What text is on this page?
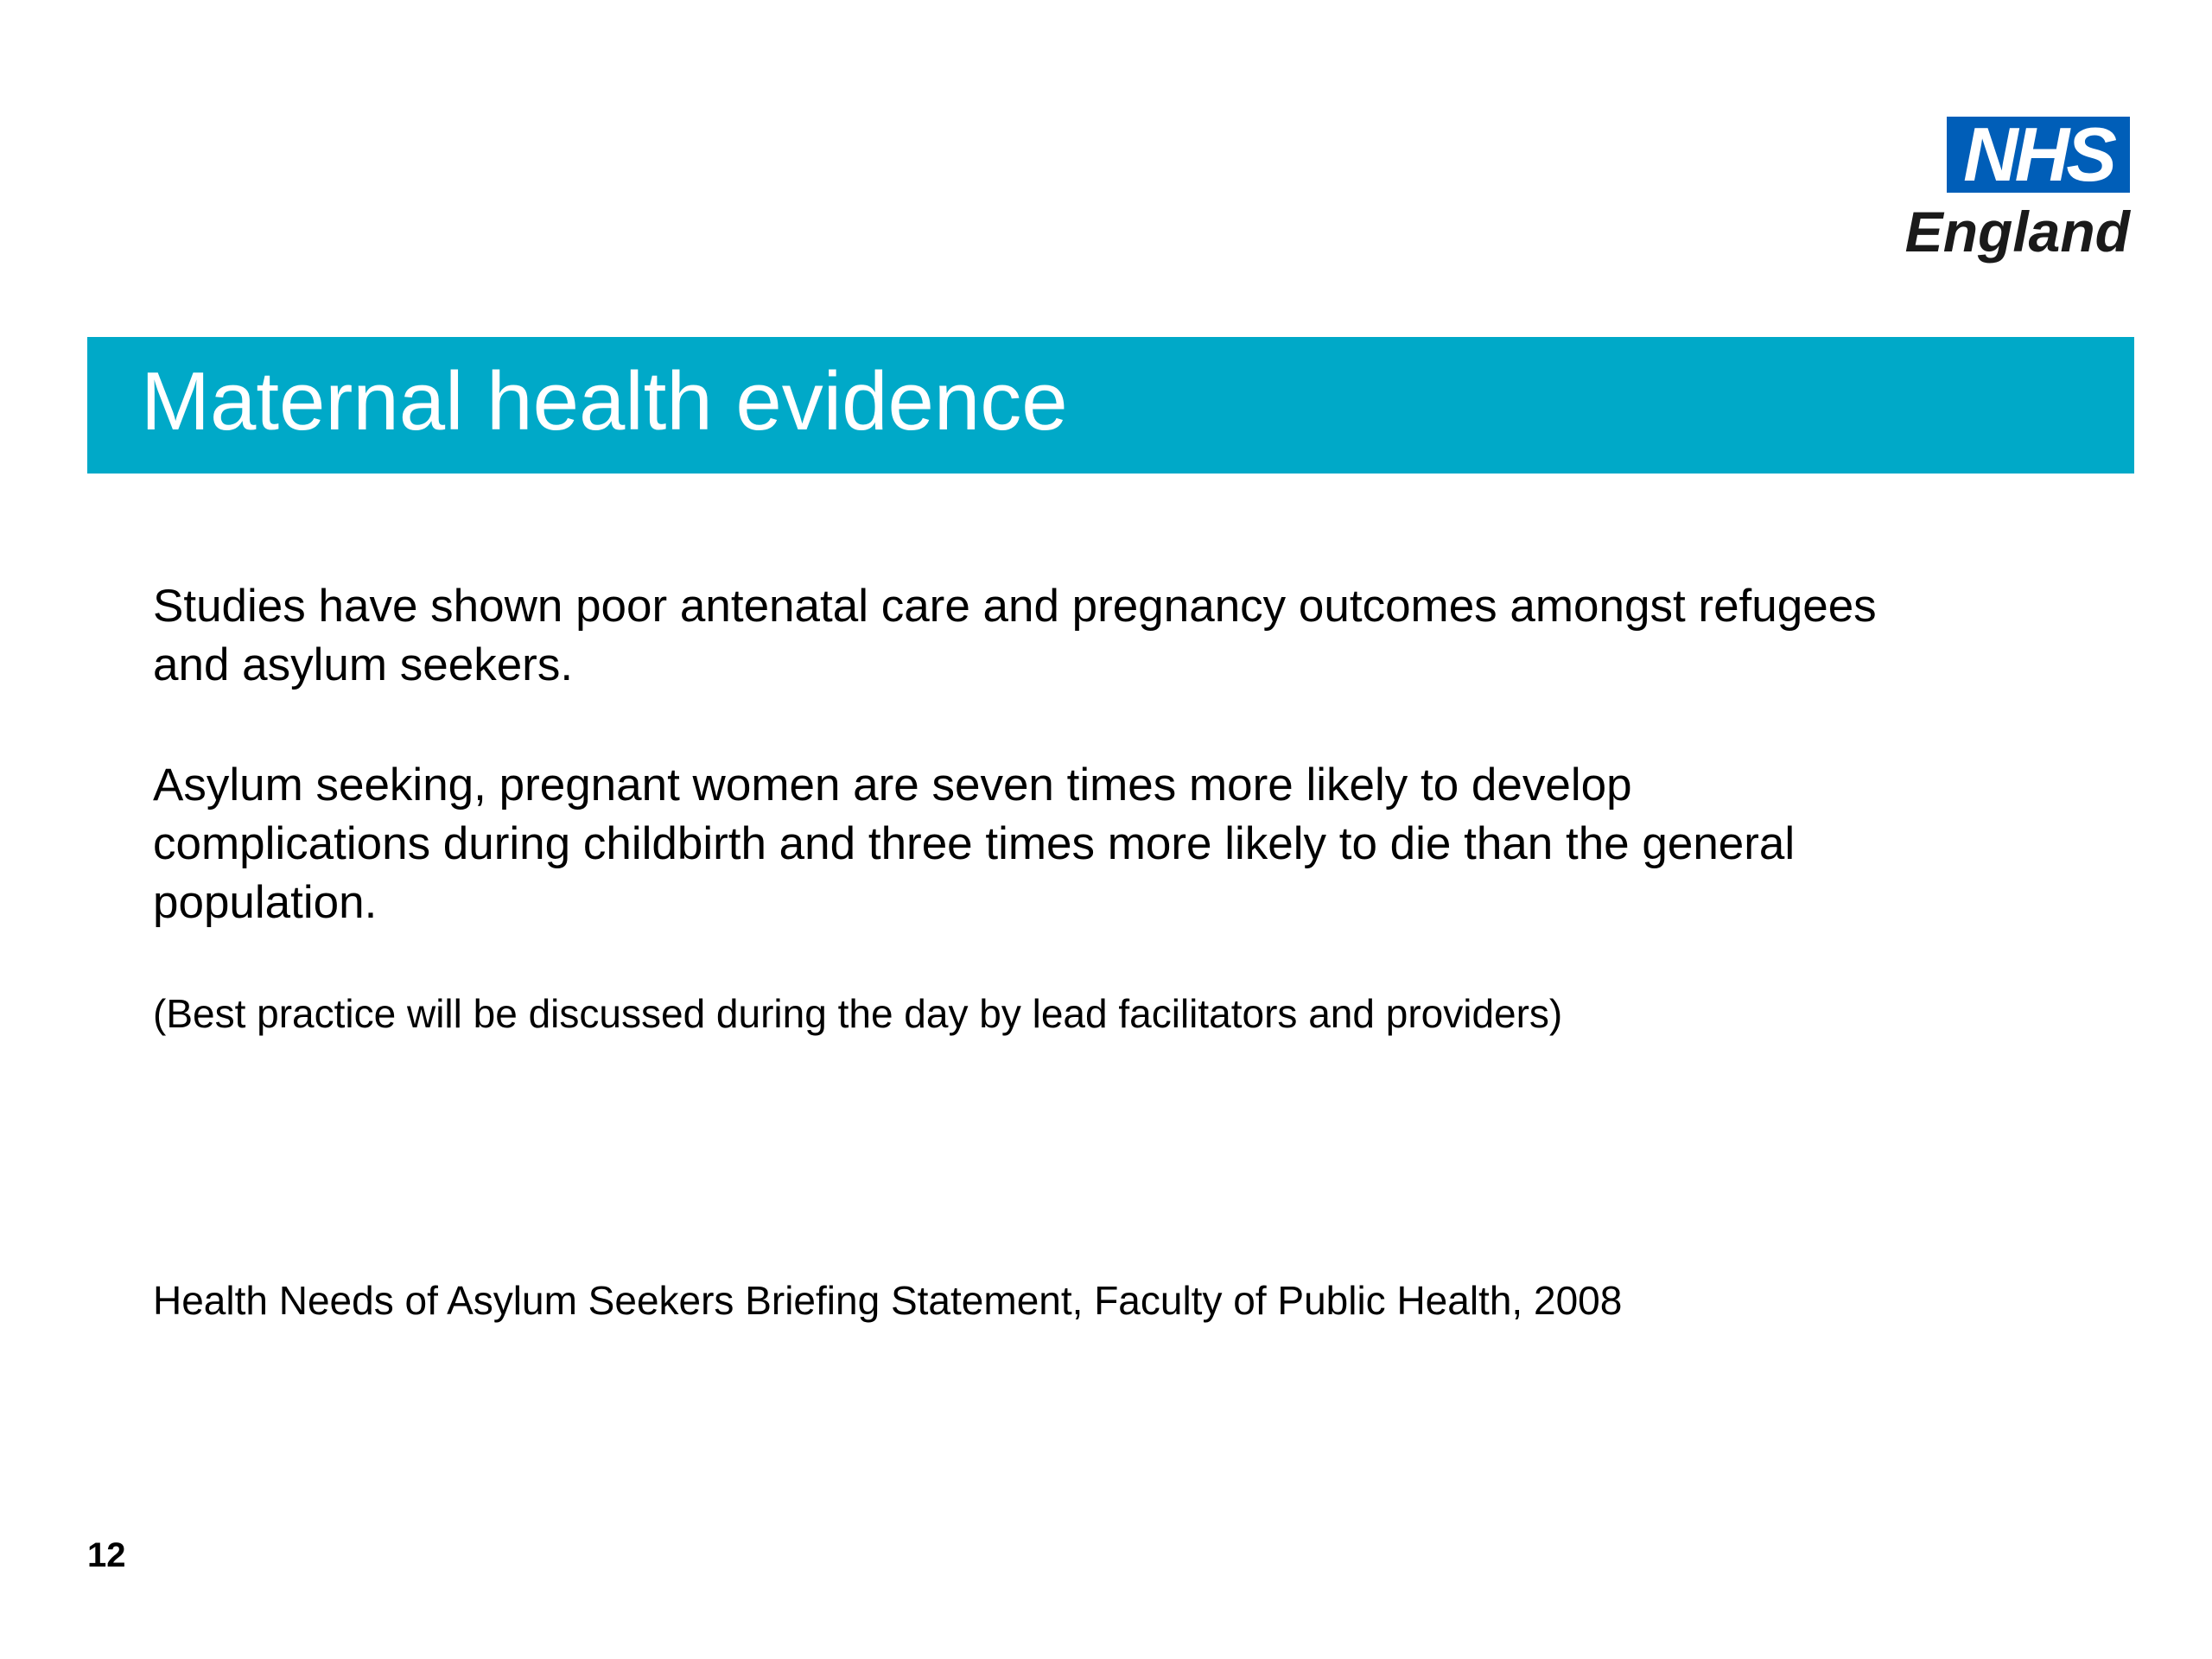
NHS
England
Maternal health evidence

Studies have shown poor antenatal care and pregnancy outcomes amongst refugees and asylum seekers.

Asylum seeking, pregnant women are seven times more likely to develop complications during childbirth and three times more likely to die than the general population.

(Best practice will be discussed during the day by lead facilitators and providers)
Health Needs of Asylum Seekers Briefing Statement, Faculty of Public Health, 2008
12
